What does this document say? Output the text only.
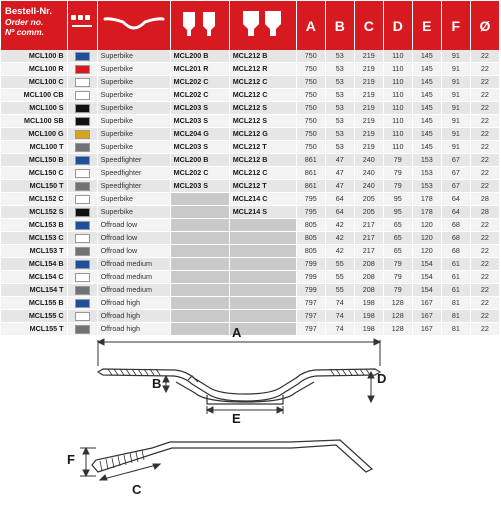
Bestell-Nr.
Order no.
Nº comm.					A	B	C	D	E	F	Ø
MCL100 B		Superbike	MCL200 B	MCL212 B	750	53	219	110	145	91	22
MCL100 R		Superbike	MCL201 R	MCL212 R	750	53	219	110	145	91	22
MCL100 C		Superbike	MCL202 C	MCL212 C	750	53	219	110	145	91	22
MCL100 CB		Superbike	MCL202 C	MCL212 C	750	53	219	110	145	91	22
MCL100 S		Superbike	MCL203 S	MCL212 S	750	53	219	110	145	91	22
MCL100 SB		Superbike	MCL203 S	MCL212 S	750	53	219	110	145	91	22
MCL100 G		Superbike	MCL204 G	MCL212 G	750	53	219	110	145	91	22
MCL100 T		Superbike	MCL203 S	MCL212 T	750	53	219	110	145	91	22
MCL150 B		Speedfighter	MCL200 B	MCL212 B	861	47	240	79	153	67	22
MCL150 C		Speedfighter	MCL202 C	MCL212 C	861	47	240	79	153	67	22
MCL150 T		Speedfighter	MCL203 S	MCL212 T	861	47	240	79	153	67	22
MCL152 C		Superbike		MCL214 C	795	64	205	95	178	64	28
MCL152 S		Superbike		MCL214 S	795	64	205	95	178	64	28
MCL153 B		Offroad low			805	42	217	65	120	68	22
MCL153 C		Offroad low			805	42	217	65	120	68	22
MCL153 T		Offroad low			805	42	217	65	120	68	22
MCL154 B		Offroad medium			799	55	208	79	154	61	22
MCL154 C		Offroad medium			799	55	208	79	154	61	22
MCL154 T		Offroad medium			799	55	208	79	154	61	22
MCL155 B		Offroad high			797	74	198	128	167	81	22
MCL155 C		Offroad high			797	74	198	128	167	81	22
MCL155 T		Offroad high			797	74	198	128	167	81	22
A
B	D
E
F
C
